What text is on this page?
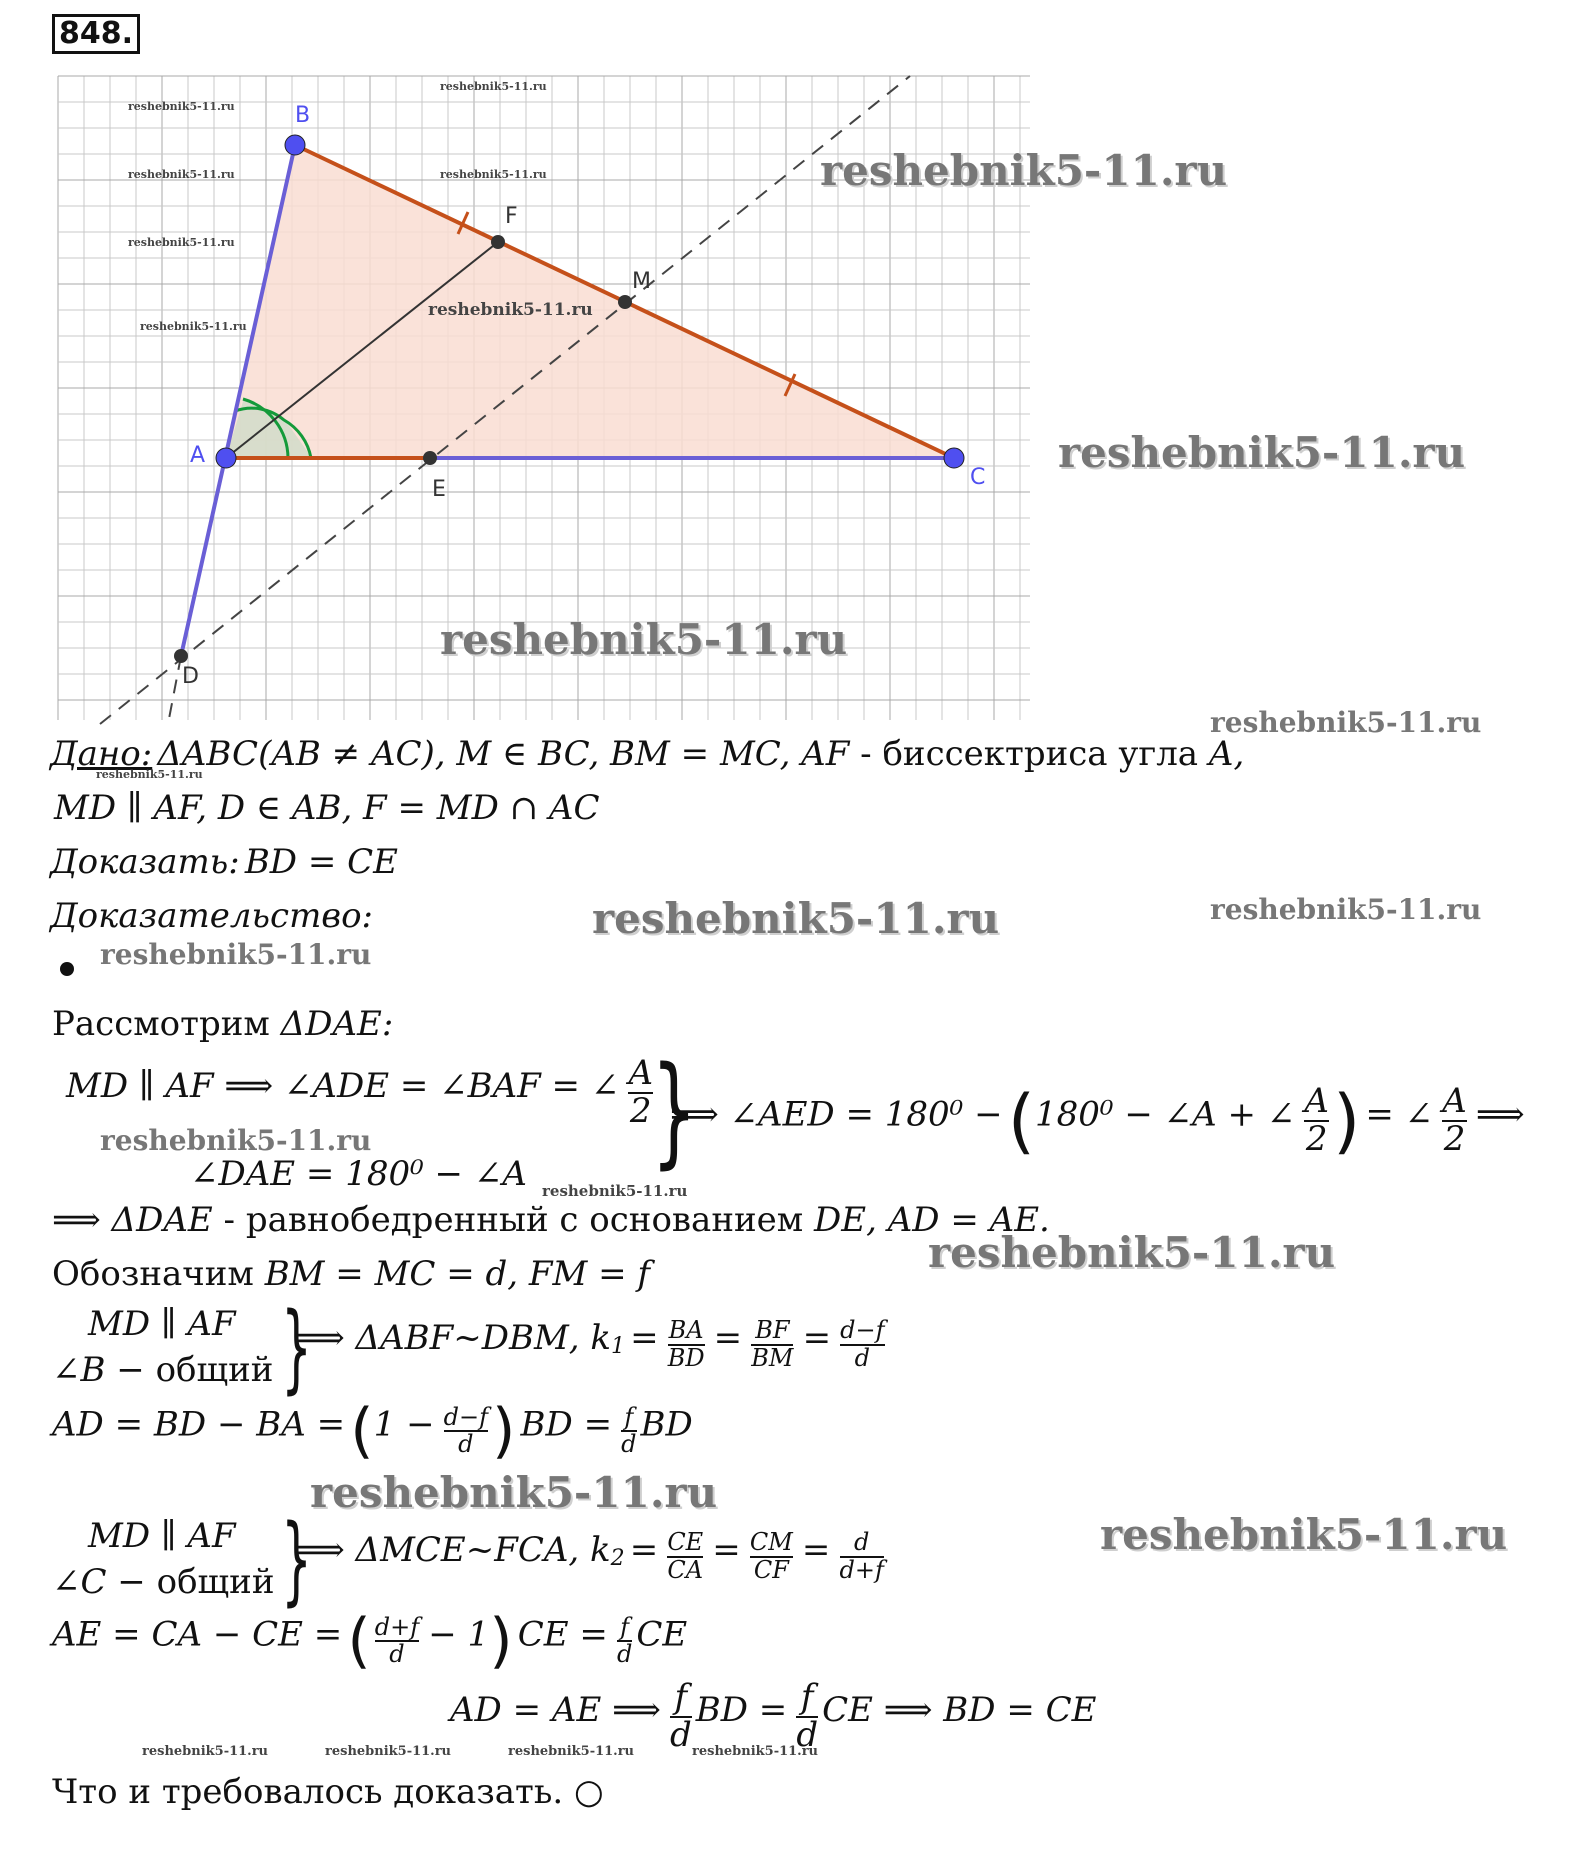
848.
B
A
C
F
M
E
D
reshebnik5-11.ru
reshebnik5-11.ru
reshebnik5-11.ru	reshebnik5-11.ru
reshebnik5-11.ru
reshebnik5-11.ru
reshebnik5-11.ru
reshebnik5-11.ru
reshebnik5-11.ru
reshebnik5-11.ru
reshebnik5-11.ru
Дано: ΔABC(AB ≠ AC), M ∈ BC, BM = MC, AF - биссектриса угла A,
reshebnik5-11.ru
MD ∥ AF, D ∈ AB, F = MD ∩ AC
Доказать: BD = CE
Доказательство:	reshebnik5-11.ru	reshebnik5-11.ru
reshebnik5-11.ru
Рассмотрим ΔDAE:
MD ∥ AF ⟹ ∠ADE = ∠BAF = ∠ $\frac{A}{2}$
reshebnik5-11.ru
∠DAE = 180⁰ − ∠A }
⟹ ∠AED = 180⁰ − (180⁰ − ∠A + ∠ $\frac{A}{2}$ ) = ∠ $\frac{A}{2}$ ⟹
reshebnik5-11.ru
⟹ ΔDAE - равнобедренный с основанием DE, AD = AE.
reshebnik5-11.ru
Обозначим BM = MC = d, FM = f
MD ∥ AF
∠B − общий }
⟹ ΔABF~DBM, $k_1 = \frac{BA}{BD} = \frac{BF}{BM} = \frac{d-f}{d}$
AD = BD − BA = ($1 - \frac{d-f}{d}$ ) BD = $\frac{f}{d}$ BD
reshebnik5-11.ru
MD ∥ AF
∠C − общий }
⟹ ΔMCE~FCA, $k_2 = \frac{CE}{CA} = \frac{CM}{CF} = \frac{d}{d+f}$	reshebnik5-11.ru
AE = CA − CE = ( $\frac{d+f}{d} - 1$) CE = $\frac{f}{d}$ CE
AD = AE ⟹ $\frac{f}{d}$ BD = $\frac{f}{d}$ CE ⟹ BD = CE
reshebnik5-11.ru	reshebnik5-11.ru	reshebnik5-11.ru	reshebnik5-11.ru
Что и требовалось доказать. ○
